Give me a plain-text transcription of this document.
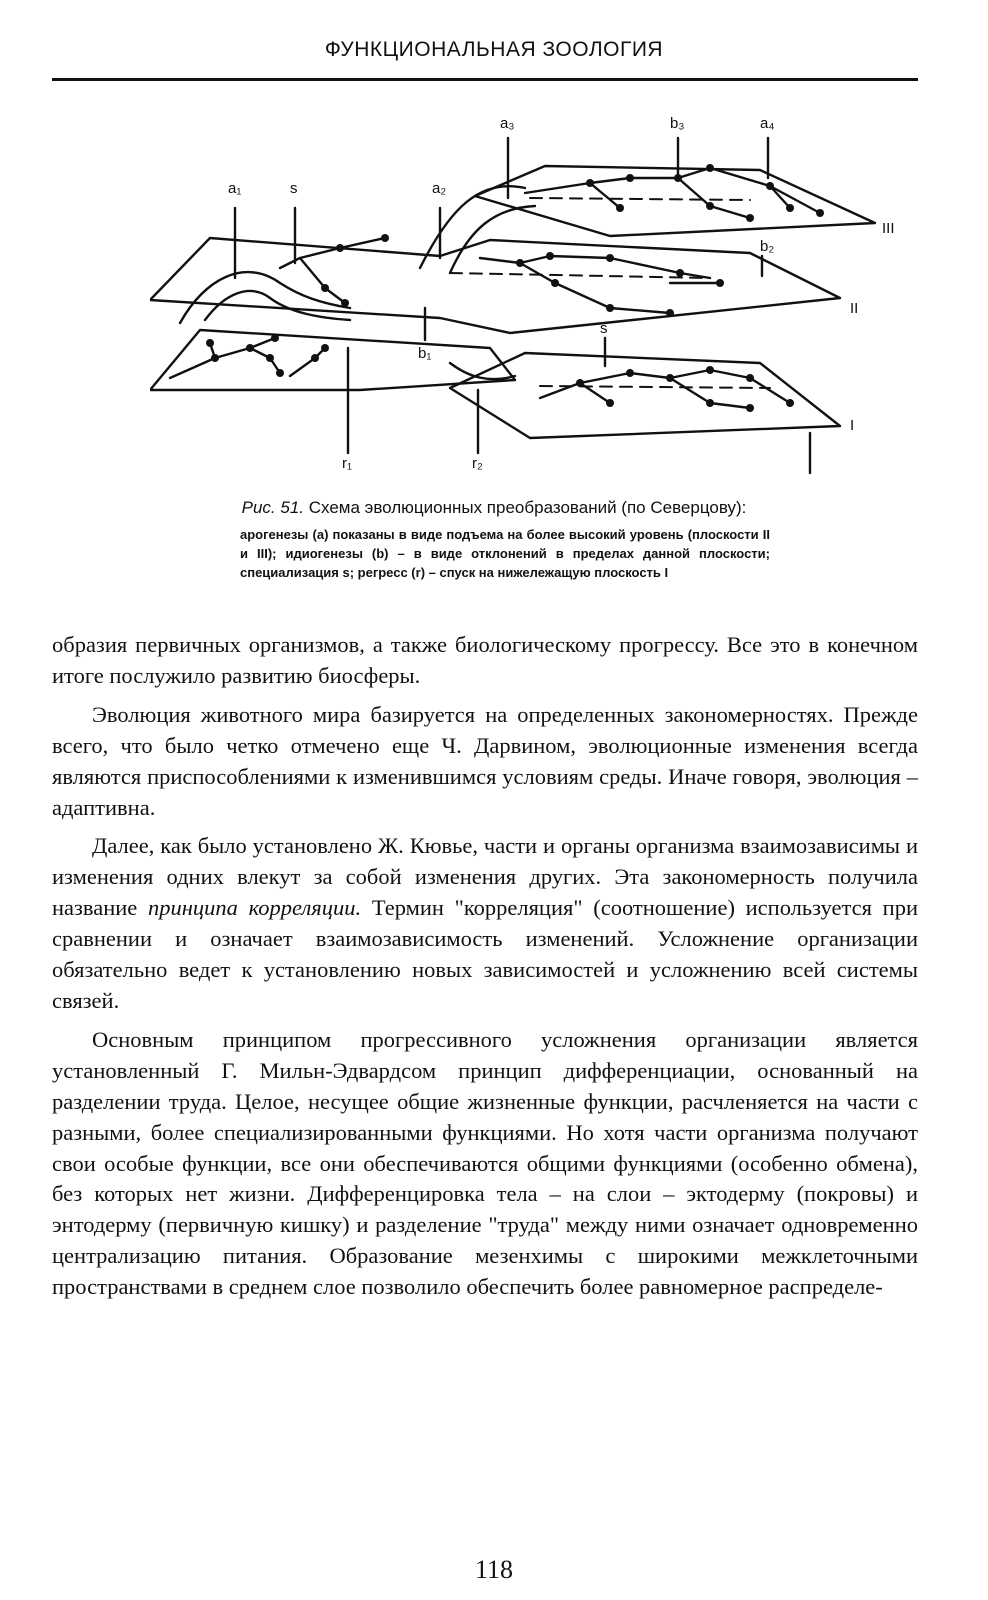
ФУНКЦИОНАЛЬНАЯ ЗООЛОГИЯ
a₁	s	a₂
a₃	b₃	a₄
b₂
b₁
s
r₁	r₂
III
II
I
Рис. 51. Схема эволюционных преобразований (по Северцову):
арогенезы (a) показаны в виде подъема на более высокий уровень (плоскости II и III); идиогенезы (b) – в виде отклонений в пределах данной плоскости; специализация s; регресс (r) – спуск на нижележащую плоскость I

образия первичных организмов, а также биологическому прогрессу. Все это в конечном итоге послужило развитию биосферы.

Эволюция животного мира базируется на определенных закономерностях. Прежде всего, что было четко отмечено еще Ч. Дарвином, эволюционные изменения всегда являются приспособлениями к изменившимся условиям среды. Иначе говоря, эволюция – адаптивна.

Далее, как было установлено Ж. Кювье, части и органы организма взаимозависимы и изменения одних влекут за собой изменения других. Эта закономерность получила название принципа корреляции. Термин "корреляция" (соотношение) используется при сравнении и означает взаимозависимость изменений. Усложнение организации обязательно ведет к установлению новых зависимостей и усложнению всей системы связей.

Основным принципом прогрессивного усложнения организации является установленный Г. Мильн-Эдвардсом принцип дифференциации, основанный на разделении труда. Целое, несущее общие жизненные функции, расчленяется на части с разными, более специализированными функциями. Но хотя части организма получают свои особые функции, все они обеспечиваются общими функциями (особенно обмена), без которых нет жизни. Дифференцировка тела – на слои – эктодерму (покровы) и энтодерму (первичную кишку) и разделение "труда" между ними означает одновременно централизацию питания. Образование мезенхимы с широкими межклеточными пространствами в среднем слое позволило обеспечить более равномерное распределе-

118
